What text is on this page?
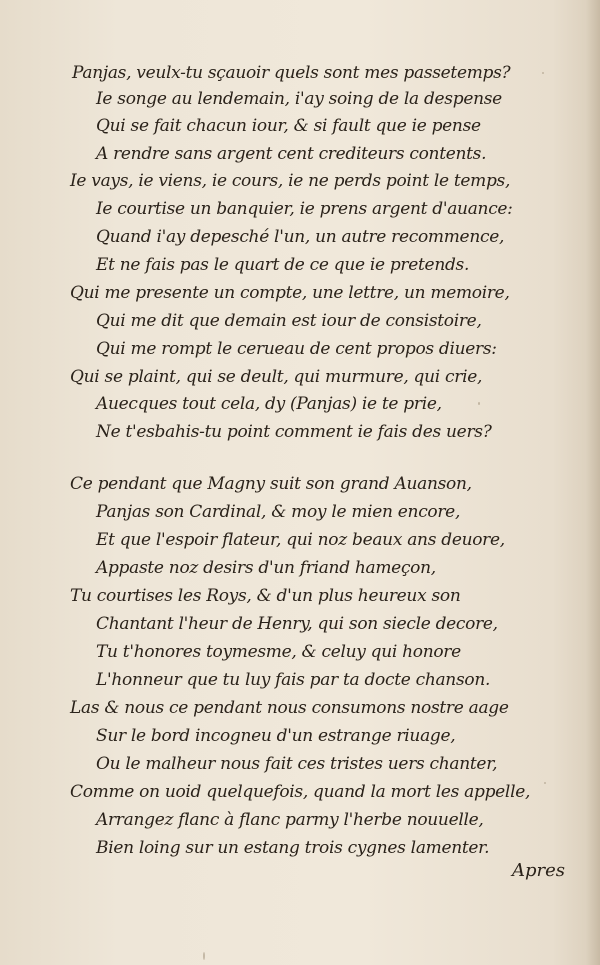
Panjas, veulx-tu sçauoir quels sont mes passetemps?
Ie songe au lendemain, i'ay soing de la despense
Qui se fait chacun iour, & si fault que ie pense
A rendre sans argent cent crediteurs contents.
Ie vays, ie viens, ie cours, ie ne perds point le temps,
Ie courtise un banquier, ie prens argent d'auance:
Quand i'ay depesché l'un, un autre recommence,
Et ne fais pas le quart de ce que ie pretends.
Qui me presente un compte, une lettre, un memoire,
Qui me dit que demain est iour de consistoire,
Qui me rompt le cerueau de cent propos diuers:
Qui se plaint, qui se deult, qui murmure, qui crie,
Auecques tout cela, dy (Panjas) ie te prie,
Ne t'esbahis-tu point comment ie fais des uers?
Ce pendant que Magny suit son grand Auanson,
Panjas son Cardinal, & moy le mien encore,
Et que l'espoir flateur, qui noz beaux ans deuore,
Appaste noz desirs d'un friand hameçon,
Tu courtises les Roys, & d'un plus heureux son
Chantant l'heur de Henry, qui son siecle decore,
Tu t'honores toymesme, & celuy qui honore
L'honneur que tu luy fais par ta docte chanson.
Las & nous ce pendant nous consumons nostre aage
Sur le bord incogneu d'un estrange riuage,
Ou le malheur nous fait ces tristes uers chanter,
Comme on uoid quelquefois, quand la mort les appelle,
Arrangez flanc à flanc parmy l'herbe nouuelle,
Bien loing sur un estang trois cygnes lamenter.
Apres
